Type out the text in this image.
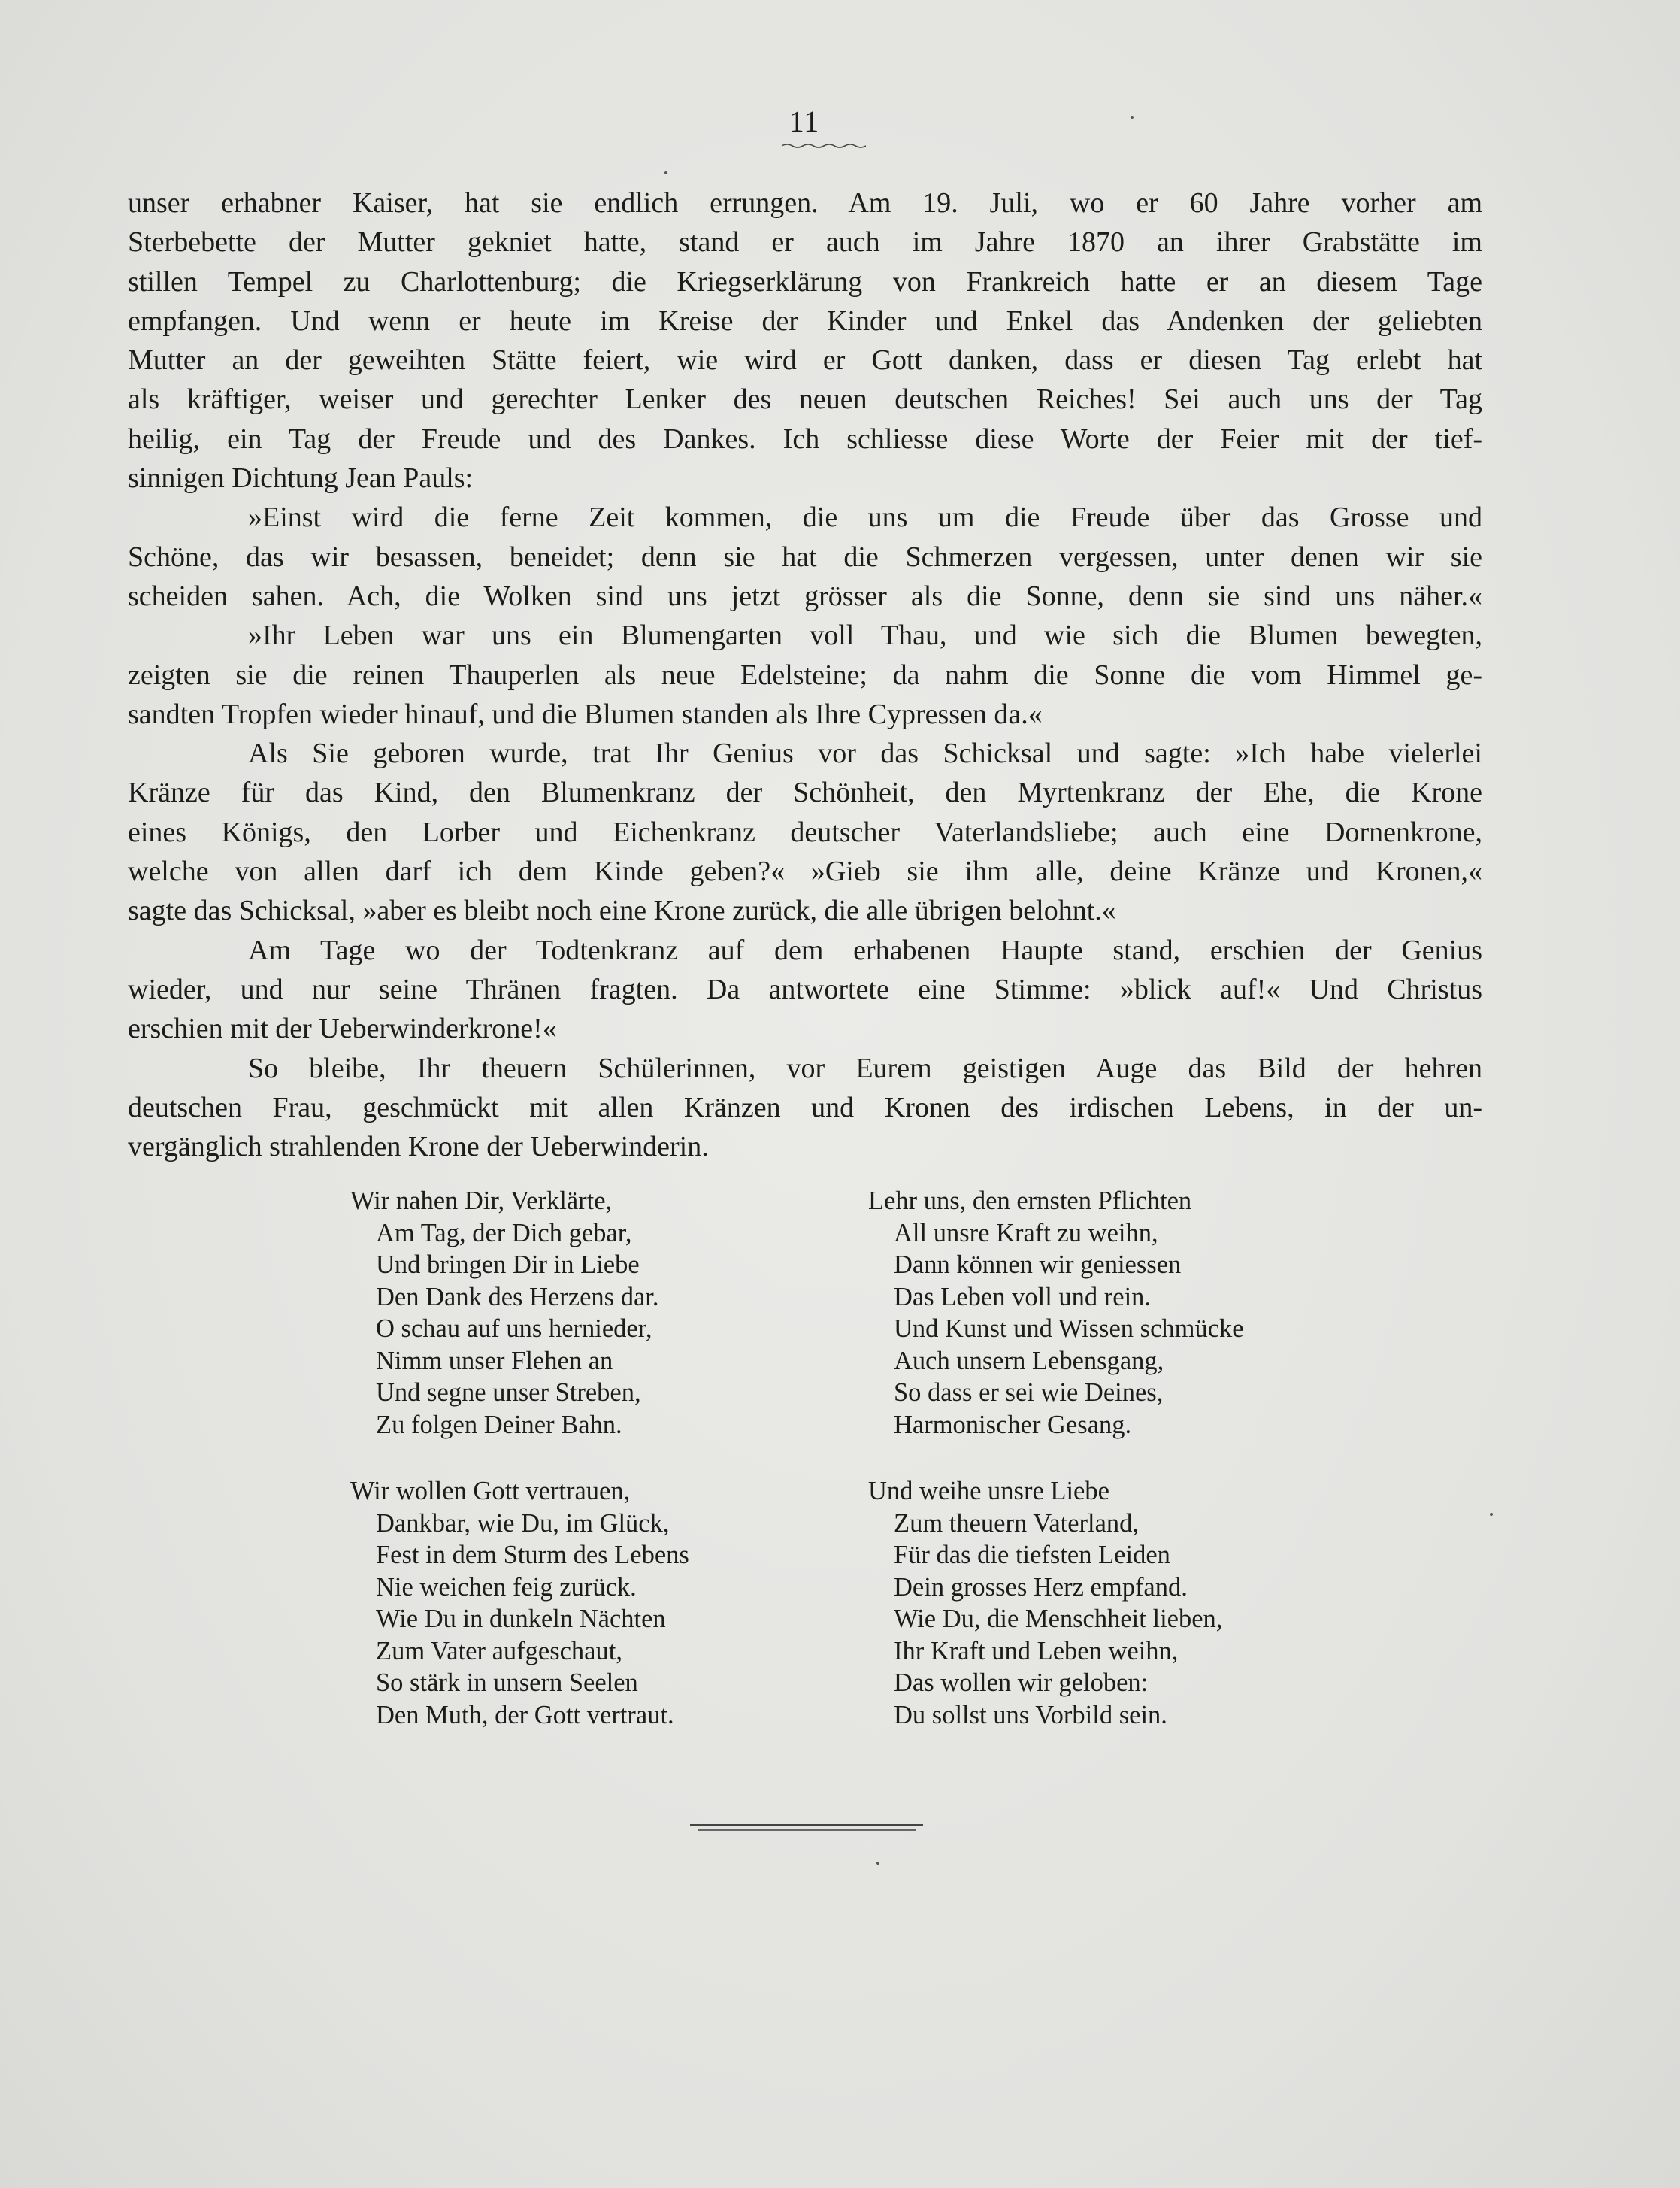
11
unser erhabner Kaiser, hat sie endlich errungen. Am 19. Juli, wo er 60 Jahre vorher am
Sterbebette der Mutter gekniet hatte, stand er auch im Jahre 1870 an ihrer Grabstätte im
stillen Tempel zu Charlottenburg; die Kriegserklärung von Frankreich hatte er an diesem Tage
empfangen. Und wenn er heute im Kreise der Kinder und Enkel das Andenken der geliebten
Mutter an der geweihten Stätte feiert, wie wird er Gott danken, dass er diesen Tag erlebt hat
als kräftiger, weiser und gerechter Lenker des neuen deutschen Reiches! Sei auch uns der Tag
heilig, ein Tag der Freude und des Dankes. Ich schliesse diese Worte der Feier mit der tief-
sinnigen Dichtung Jean Pauls:
»Einst wird die ferne Zeit kommen, die uns um die Freude über das Grosse und
Schöne, das wir besassen, beneidet; denn sie hat die Schmerzen vergessen, unter denen wir sie
scheiden sahen. Ach, die Wolken sind uns jetzt grösser als die Sonne, denn sie sind uns näher.«
»Ihr Leben war uns ein Blumengarten voll Thau, und wie sich die Blumen bewegten,
zeigten sie die reinen Thauperlen als neue Edelsteine; da nahm die Sonne die vom Himmel ge-
sandten Tropfen wieder hinauf, und die Blumen standen als Ihre Cypressen da.«
Als Sie geboren wurde, trat Ihr Genius vor das Schicksal und sagte: »Ich habe vielerlei
Kränze für das Kind, den Blumenkranz der Schönheit, den Myrtenkranz der Ehe, die Krone
eines Königs, den Lorber und Eichenkranz deutscher Vaterlandsliebe; auch eine Dornenkrone,
welche von allen darf ich dem Kinde geben?« »Gieb sie ihm alle, deine Kränze und Kronen,«
sagte das Schicksal, »aber es bleibt noch eine Krone zurück, die alle übrigen belohnt.«
Am Tage wo der Todtenkranz auf dem erhabenen Haupte stand, erschien der Genius
wieder, und nur seine Thränen fragten. Da antwortete eine Stimme: »blick auf!« Und Christus
erschien mit der Ueberwinderkrone!«
So bleibe, Ihr theuern Schülerinnen, vor Eurem geistigen Auge das Bild der hehren
deutschen Frau, geschmückt mit allen Kränzen und Kronen des irdischen Lebens, in der un-
vergänglich strahlenden Krone der Ueberwinderin.
Wir nahen Dir, Verklärte,
Am Tag, der Dich gebar,
Und bringen Dir in Liebe
Den Dank des Herzens dar.
O schau auf uns hernieder,
Nimm unser Flehen an
Und segne unser Streben,
Zu folgen Deiner Bahn.
Wir wollen Gott vertrauen,
Dankbar, wie Du, im Glück,
Fest in dem Sturm des Lebens
Nie weichen feig zurück.
Wie Du in dunkeln Nächten
Zum Vater aufgeschaut,
So stärk in unsern Seelen
Den Muth, der Gott vertraut.
Lehr uns, den ernsten Pflichten
All unsre Kraft zu weihn,
Dann können wir geniessen
Das Leben voll und rein.
Und Kunst und Wissen schmücke
Auch unsern Lebensgang,
So dass er sei wie Deines,
Harmonischer Gesang.
Und weihe unsre Liebe
Zum theuern Vaterland,
Für das die tiefsten Leiden
Dein grosses Herz empfand.
Wie Du, die Menschheit lieben,
Ihr Kraft und Leben weihn,
Das wollen wir geloben:
Du sollst uns Vorbild sein.
